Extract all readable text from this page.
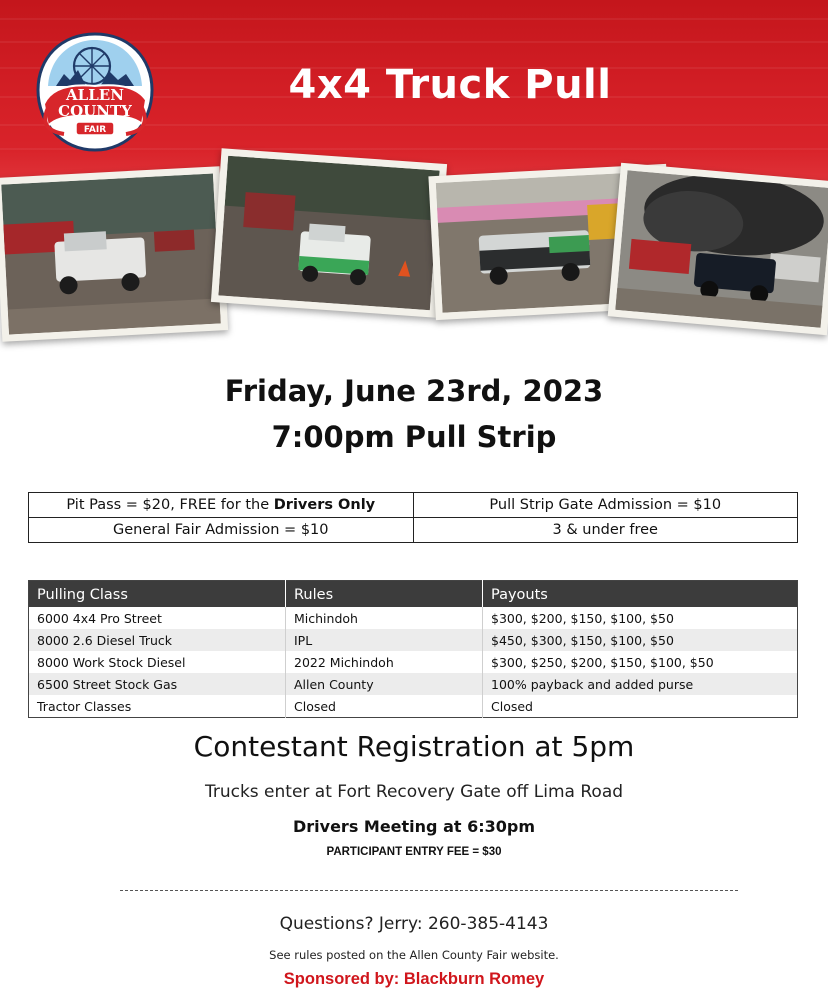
ALLEN
COUNTY
FAIR
4x4 Truck Pull
Friday, June 23rd, 2023
7:00pm Pull Strip
Pit Pass = $20, FREE for the Drivers Only	Pull Strip Gate Admission = $10
General Fair Admission = $10	3 & under free
Pulling Class	Rules	Payouts
6000 4x4 Pro Street	Michindoh	$300, $200, $150, $100, $50
8000 2.6 Diesel Truck	IPL	$450, $300, $150, $100, $50
8000 Work Stock Diesel	2022 Michindoh	$300, $250, $200, $150, $100, $50
6500 Street Stock Gas	Allen County	100% payback and added purse
Tractor Classes	Closed	Closed
Contestant Registration at 5pm
Trucks enter at Fort Recovery Gate off Lima Road
Drivers Meeting at 6:30pm
PARTICIPANT ENTRY FEE = $30
Questions? Jerry: 260-385-4143
See rules posted on the Allen County Fair website.
Sponsored by: Blackburn Romey
